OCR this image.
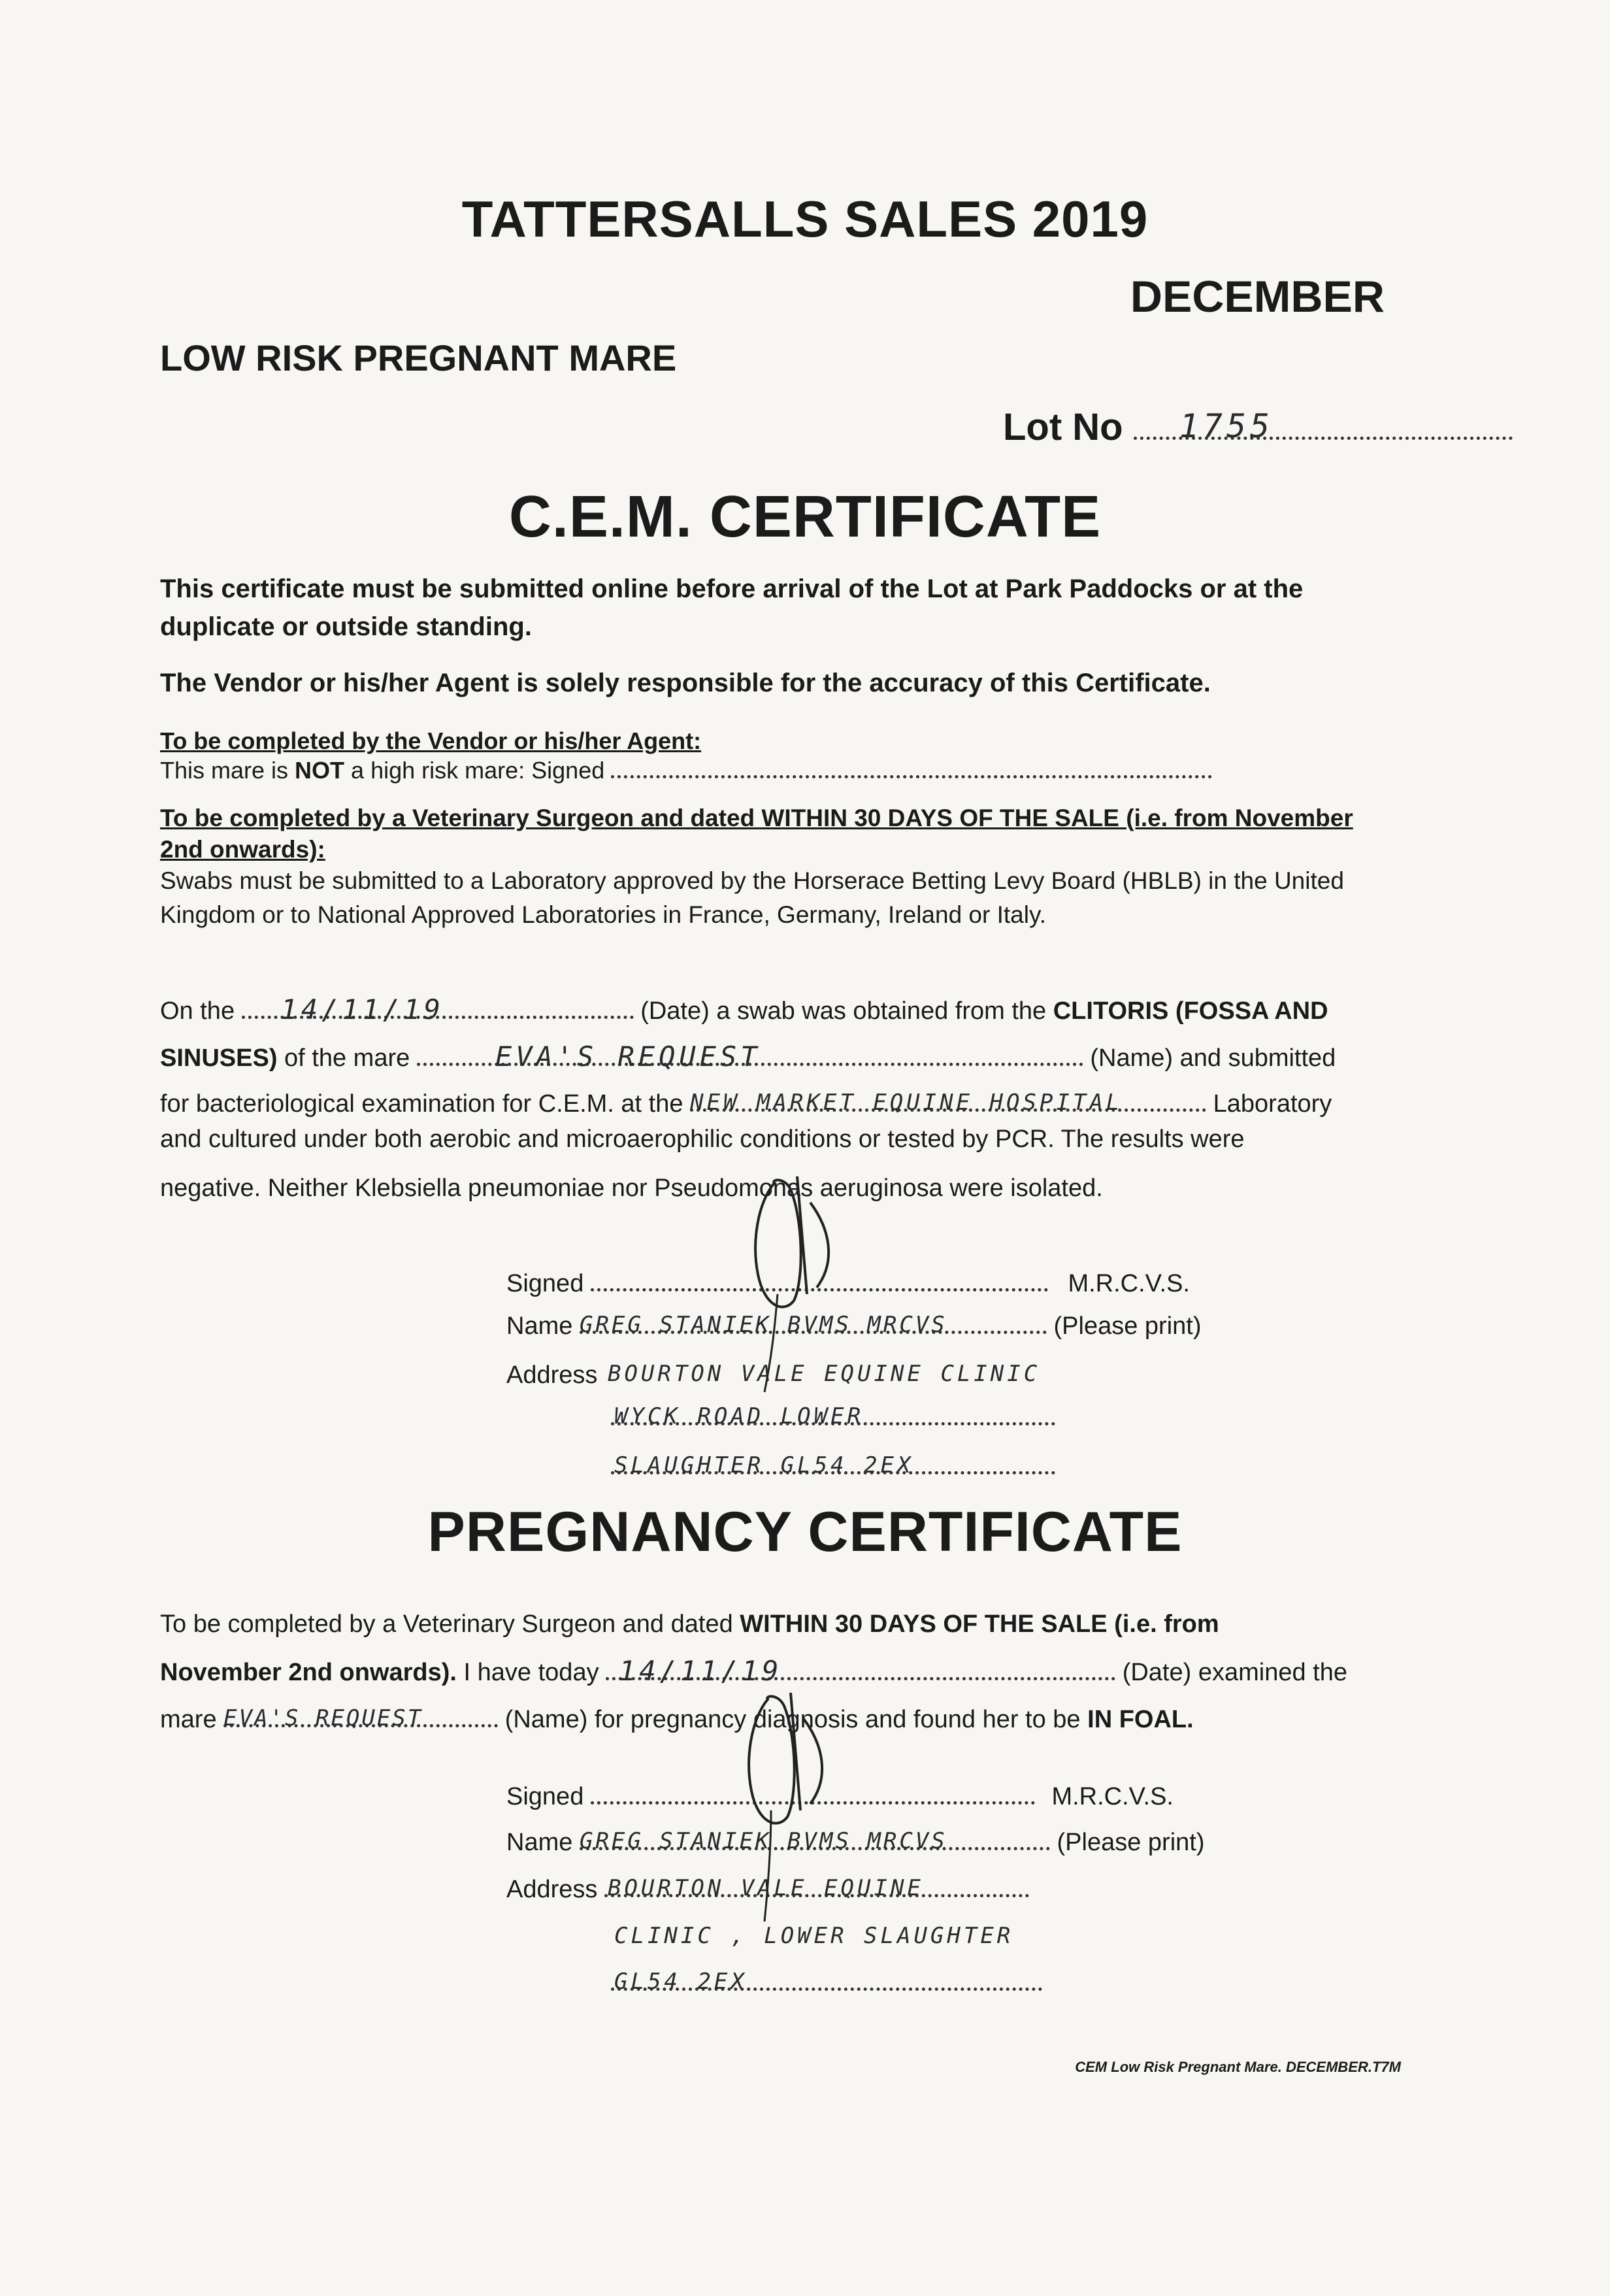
TATTERSALLS SALES 2019
DECEMBER
LOW RISK PREGNANT MARE
Lot No 1755
C.E.M. CERTIFICATE
This certificate must be submitted online before arrival of the Lot at Park Paddocks or at the duplicate or outside standing.
The Vendor or his/her Agent is solely responsible for the accuracy of this Certificate.
To be completed by the Vendor or his/her Agent:
This mare is NOT a high risk mare: Signed
To be completed by a Veterinary Surgeon and dated WITHIN 30 DAYS OF THE SALE (i.e. from November 2nd onwards):
Swabs must be submitted to a Laboratory approved by the Horserace Betting Levy Board (HBLB) in the United Kingdom or to National Approved Laboratories in France, Germany, Ireland or Italy.
On the 14/11/19	(Date) a swab was obtained from the CLITORIS (FOSSA AND
SINUSES) of the mare	EVA'S REQUEST	(Name) and submitted
for bacteriological examination for C.E.M. at the NEW MARKET EQUINE HOSPITAL	Laboratory
and cultured under both aerobic and microaerophilic conditions or tested by PCR. The results were
negative. Neither Klebsiella pneumoniae nor Pseudomonas aeruginosa were isolated.
Signed	M.R.C.V.S.
Name GREG STANIEK BVMS MRCVS	(Please print)
Address BOURTON VALE EQUINE CLINIC
WYCK ROAD LOWER
SLAUGHTER GL54 2EX
PREGNANCY CERTIFICATE
To be completed by a Veterinary Surgeon and dated WITHIN 30 DAYS OF THE SALE (i.e. from
November 2nd onwards). I have today 14/11/19	(Date) examined the
mare EVA'S REQUEST	(Name) for pregnancy diagnosis and found her to be IN FOAL.
Signed	M.R.C.V.S.
Name GREG STANIEK BVMS MRCVS	(Please print)
Address BOURTON VALE EQUINE
CLINIC , LOWER SLAUGHTER
GL54 2EX
CEM Low Risk Pregnant Mare. DECEMBER.T7M
